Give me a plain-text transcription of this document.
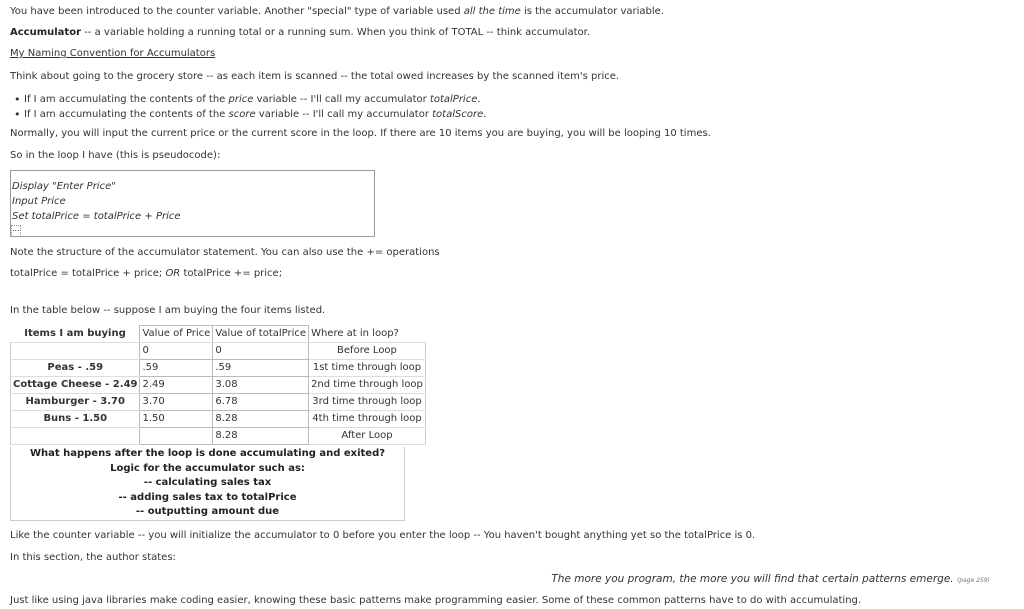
You have been introduced to the counter variable. Another "special" type of variable used all the time is the accumulator variable.
Accumulator -- a variable holding a running total or a running sum. When you think of TOTAL -- think accumulator.
My Naming Convention for Accumulators
Think about going to the grocery store -- as each item is scanned -- the total owed increases by the scanned item's price.
• If I am accumulating the contents of the price variable -- I'll call my accumulator totalPrice.
• If I am accumulating the contents of the score variable -- I'll call my accumulator totalScore.
Normally, you will input the current price or the current score in the loop. If there are 10 items you are buying, you will be looping 10 times.
So in the loop I have (this is pseudocode):
Display "Enter Price"
Input Price
Set totalPrice = totalPrice + Price
...
Note the structure of the accumulator statement. You can also use the += operations
totalPrice = totalPrice + price; OR totalPrice += price;
In the table below -- suppose I am buying the four items listed.
Items I am buying	Value of Price	Value of totalPrice	Where at in loop?
	0	0	Before Loop
Peas - .59	.59	.59	1st time through loop
Cottage Cheese - 2.49	2.49	3.08	2nd time through loop
Hamburger - 3.70	3.70	6.78	3rd time through loop
Buns - 1.50	1.50	8.28	4th time through loop
		8.28	After Loop
What happens after the loop is done accumulating and exited?
Logic for the accumulator such as:
-- calculating sales tax
-- adding sales tax to totalPrice
-- outputting amount due
Like the counter variable -- you will initialize the accumulator to 0 before you enter the loop -- You haven't bought anything yet so the totalPrice is 0.
In this section, the author states:
The more you program, the more you will find that certain patterns emerge. (page 259)
Just like using java libraries make coding easier, knowing these basic patterns make programming easier. Some of these common patterns have to do with accumulating.
